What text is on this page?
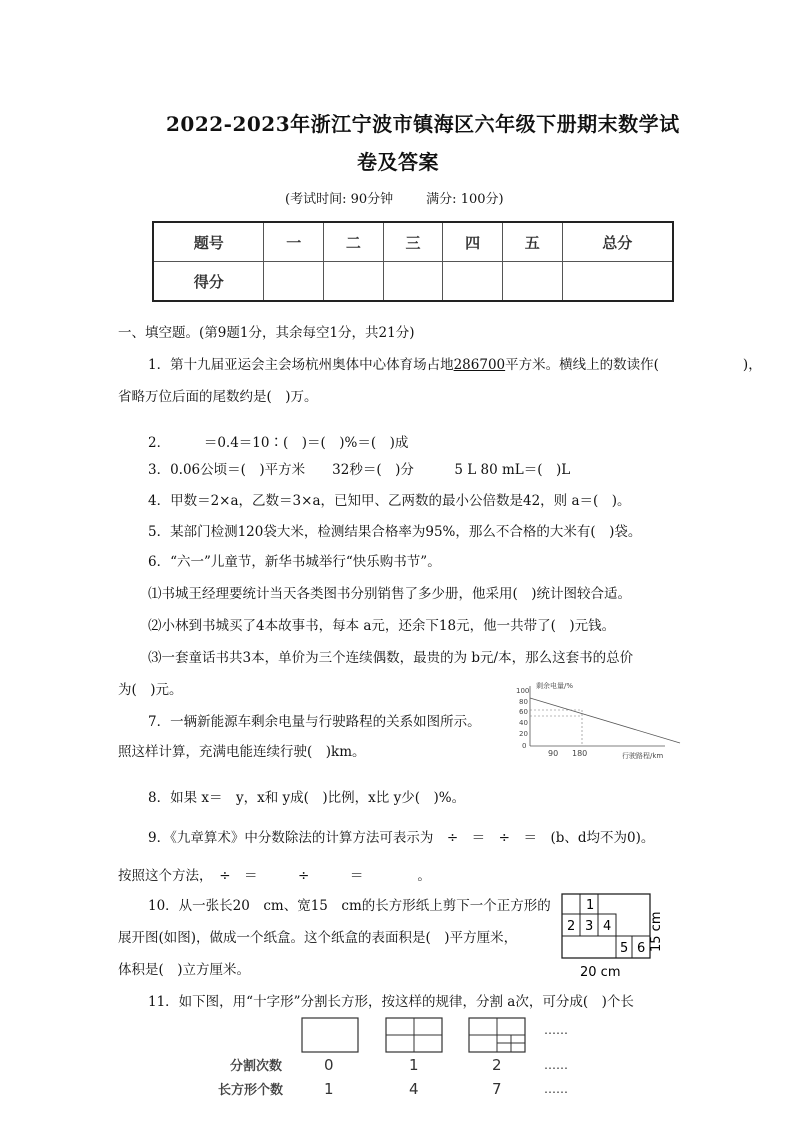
2022-2023年浙江宁波市镇海区六年级下册期末数学试
卷及答案
(考试时间: 90分钟        满分: 100分)
题号	一	二	三	四	五	总分
得分						
一、填空题。(第9题1分，其余每空1分，共21分)
1．第十九届亚运会主会场杭州奥体中心体育场占地286700平方米。横线上的数读作(	)，
省略万位后面的尾数约是(　)万。
2．　　　＝0.4＝10∶(　)＝(　)%＝(　)成
3．0.06公顷＝(　)平方米　　32秒＝(　)分　　　5 L 80 mL＝(　)L
4．甲数＝2×a，乙数＝3×a，已知甲、乙两数的最小公倍数是42，则 a＝(　)。
5．某部门检测120袋大米，检测结果合格率为95%，那么不合格的大米有(　)袋。
6．“六一”儿童节，新华书城举行“快乐购书节”。
⑴书城王经理要统计当天各类图书分别销售了多少册，他采用(　)统计图较合适。
⑵小林到书城买了4本故事书，每本 a元，还余下18元，他一共带了(　)元钱。
⑶一套童话书共3本，单价为三个连续偶数，最贵的为 b元/本，那么这套书的总价
为(　)元。
7．一辆新能源车剩余电量与行驶路程的关系如图所示。
照这样计算，充满电能连续行驶(　)km。
剩余电量/%
行驶路程/km
100
80
60
40
20
0
90 180
8．如果 x＝　y，x和 y成(　)比例，x比 y少(　)%。
9．《九章算术》中分数除法的计算方法可表示为　÷　＝　÷　＝　(b、d均不为0)。
按照这个方法，　÷　＝　　　÷　　　＝　　　　。
10．从一张长20　cm、宽15　cm的长方形纸上剪下一个正方形的
展开图(如图)，做成一个纸盒。这个纸盒的表面积是(　)平方厘米，
体积是(　)立方厘米。
1
2 3 4
5 6
20 cm
15 cm
11．如下图，用“十字形”分割长方形，按这样的规律，分割 a次，可分成(　)个长
……
分割次数	0	1	2	……
长方形个数	1	4	7	……
